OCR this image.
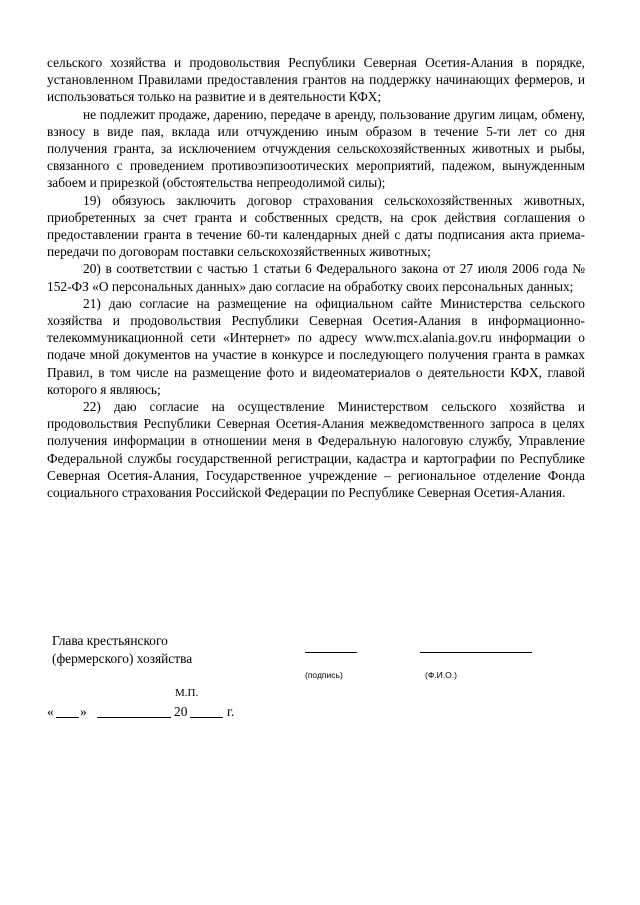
сельского хозяйства и продовольствия Республики Северная Осетия-Алания в порядке, установленном Правилами предоставления грантов на поддержку начинающих фермеров, и использоваться только на развитие и в деятельности КФХ;

не подлежит продаже, дарению, передаче в аренду, пользование другим лицам, обмену, взносу в виде пая, вклада или отчуждению иным образом в течение 5-ти лет со дня получения гранта, за исключением отчуждения сельскохозяйственных животных и рыбы, связанного с проведением противоэпизоотических мероприятий, падежом, вынужденным забоем и прирезкой (обстоятельства непреодолимой силы);

19) обязуюсь заключить договор страхования сельскохозяйственных животных, приобретенных за счет гранта и собственных средств, на срок действия соглашения о предоставлении гранта в течение 60-ти календарных дней с даты подписания акта приема-передачи по договорам поставки сельскохозяйственных животных;

20) в соответствии с частью 1 статьи 6 Федерального закона от 27 июля 2006 года № 152-ФЗ «О персональных данных» даю согласие на обработку своих персональных данных;

21) даю согласие на размещение на официальном сайте Министерства сельского хозяйства и продовольствия Республики Северная Осетия-Алания в информационно-телекоммуникационной сети «Интернет» по адресу www.mcx.alania.gov.ru информации о подаче мной документов на участие в конкурсе и последующего получения гранта в рамках Правил, в том числе на размещение фото и видеоматериалов о деятельности КФХ, главой которого я являюсь;

22) даю согласие на осуществление Министерством сельского хозяйства и продовольствия Республики Северная Осетия-Алания межведомственного запроса в целях получения информации в отношении меня в Федеральную налоговую службу, Управление Федеральной службы государственной регистрации, кадастра и картографии по Республике Северная Осетия-Алания, Государственное учреждение – региональное отделение Фонда социального страхования Российской Федерации по Республике Северная Осетия-Алания.

Глава крестьянского
(фермерского) хозяйства
(подпись)	(Ф.И.О.)
М.П.
« »	20	г.
